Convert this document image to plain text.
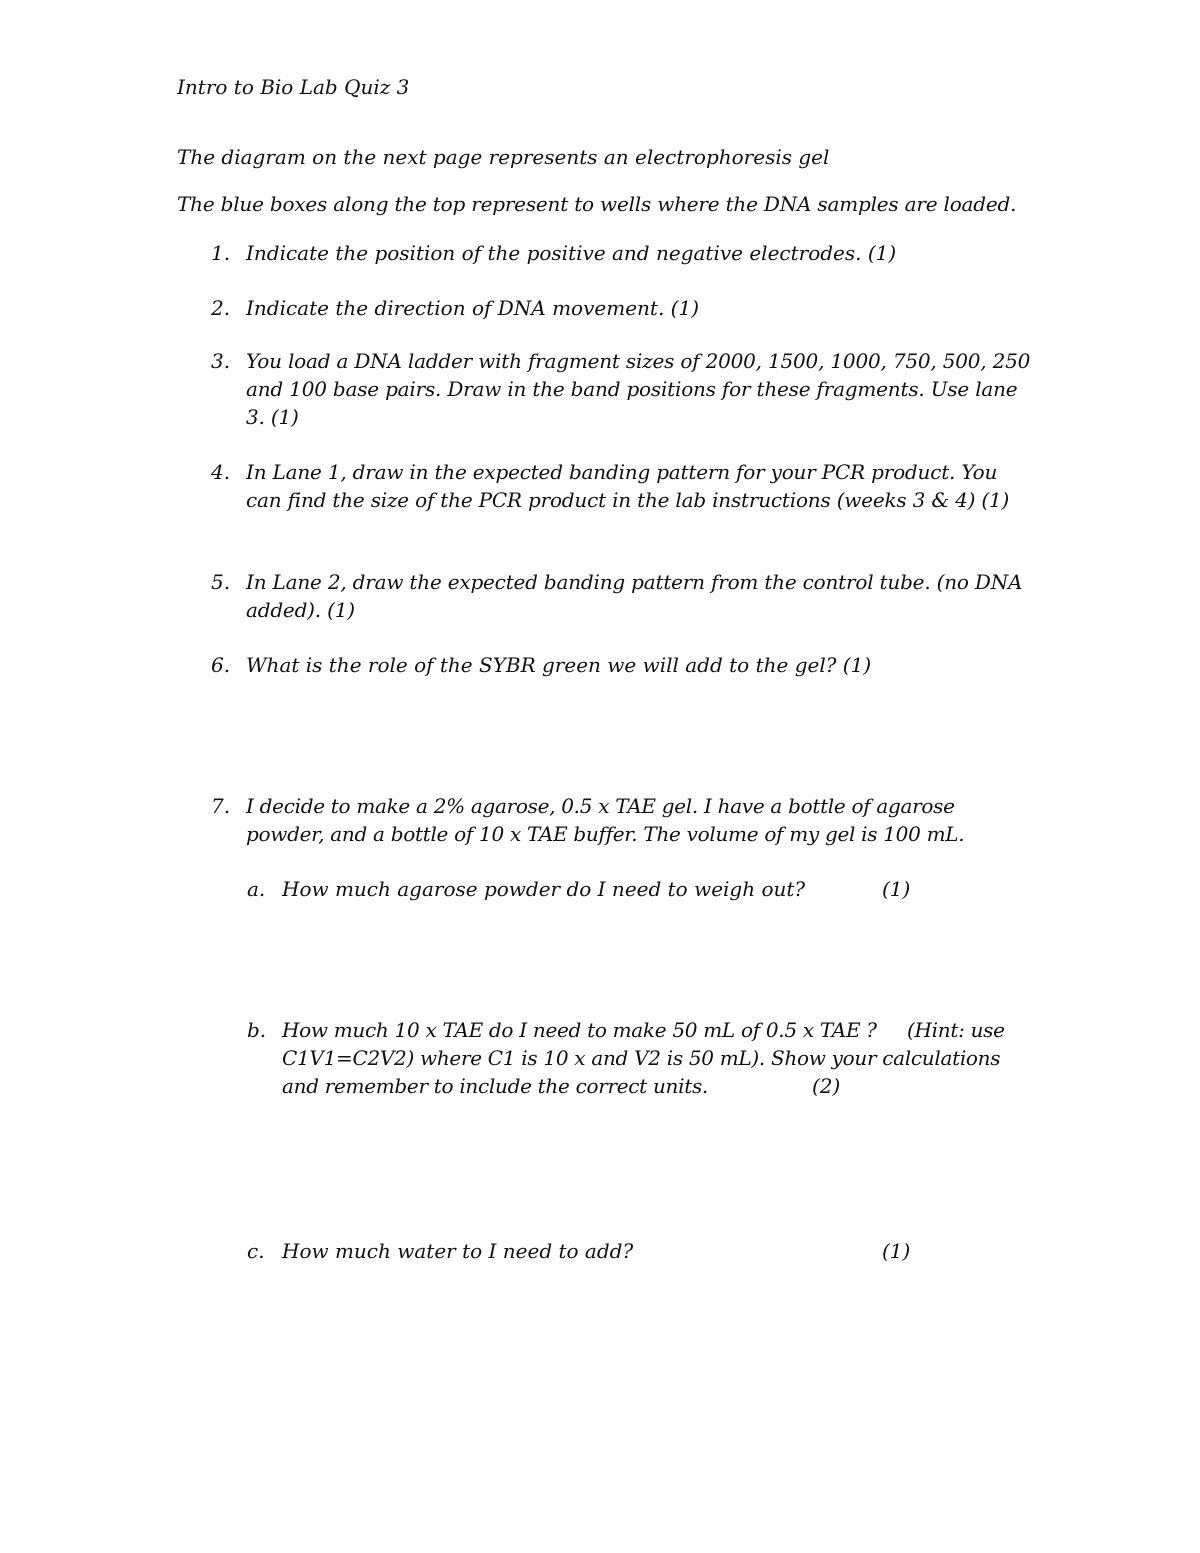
Intro to Bio Lab Quiz 3
The diagram on the next page represents an electrophoresis gel
The blue boxes along the top represent to wells where the DNA samples are loaded.
1. Indicate the position of the positive and negative electrodes. (1)
2. Indicate the direction of DNA movement. (1)
3. You load a DNA ladder with fragment sizes of 2000, 1500, 1000, 750, 500, 250 and 100 base pairs. Draw in the band positions for these fragments. Use lane 3. (1)
4. In Lane 1, draw in the expected banding pattern for your PCR product. You can find the size of the PCR product in the lab instructions (weeks 3 & 4) (1)
5. In Lane 2, draw the expected banding pattern from the control tube. (no DNA added). (1)
6. What is the role of the SYBR green we will add to the gel? (1)
7. I decide to make a 2% agarose, 0.5 x TAE gel. I have a bottle of agarose powder, and a bottle of 10 x TAE buffer. The volume of my gel is 100 mL.
a. How much agarose powder do I need to weigh out?	(1)
b. How much 10 x TAE do I need to make 50 mL of 0.5 x TAE ?     (Hint: use C1V1=C2V2) where C1 is 10 x and V2 is 50 mL). Show your calculations and remember to include the correct units.	(2)
c. How much water to I need to add?	(1)
